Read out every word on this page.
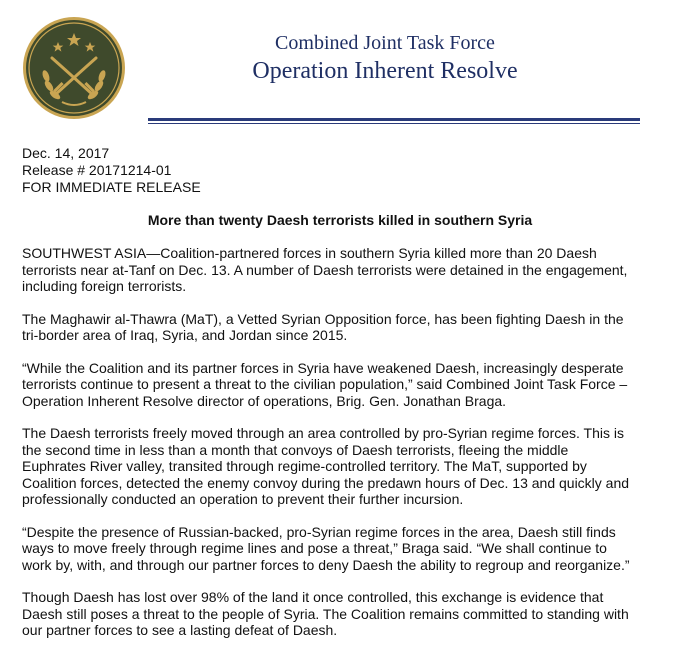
Combined Joint Task Force
Operation Inherent Resolve
Dec. 14, 2017
Release # 20171214-01
FOR IMMEDIATE RELEASE
More than twenty Daesh terrorists killed in southern Syria
SOUTHWEST ASIA—Coalition-partnered forces in southern Syria killed more than 20 Daesh
terrorists near at-Tanf on Dec. 13. A number of Daesh terrorists were detained in the engagement,
including foreign terrorists.
The Maghawir al-Thawra (MaT), a Vetted Syrian Opposition force, has been fighting Daesh in the
tri-border area of Iraq, Syria, and Jordan since 2015.
“While the Coalition and its partner forces in Syria have weakened Daesh, increasingly desperate
terrorists continue to present a threat to the civilian population,” said Combined Joint Task Force –
Operation Inherent Resolve director of operations, Brig. Gen. Jonathan Braga.
The Daesh terrorists freely moved through an area controlled by pro-Syrian regime forces. This is
the second time in less than a month that convoys of Daesh terrorists, fleeing the middle
Euphrates River valley, transited through regime-controlled territory. The MaT, supported by
Coalition forces, detected the enemy convoy during the predawn hours of Dec. 13 and quickly and
professionally conducted an operation to prevent their further incursion.
“Despite the presence of Russian-backed, pro-Syrian regime forces in the area, Daesh still finds
ways to move freely through regime lines and pose a threat,” Braga said. “We shall continue to
work by, with, and through our partner forces to deny Daesh the ability to regroup and reorganize.”
Though Daesh has lost over 98% of the land it once controlled, this exchange is evidence that
Daesh still poses a threat to the people of Syria. The Coalition remains committed to standing with
our partner forces to see a lasting defeat of Daesh.
